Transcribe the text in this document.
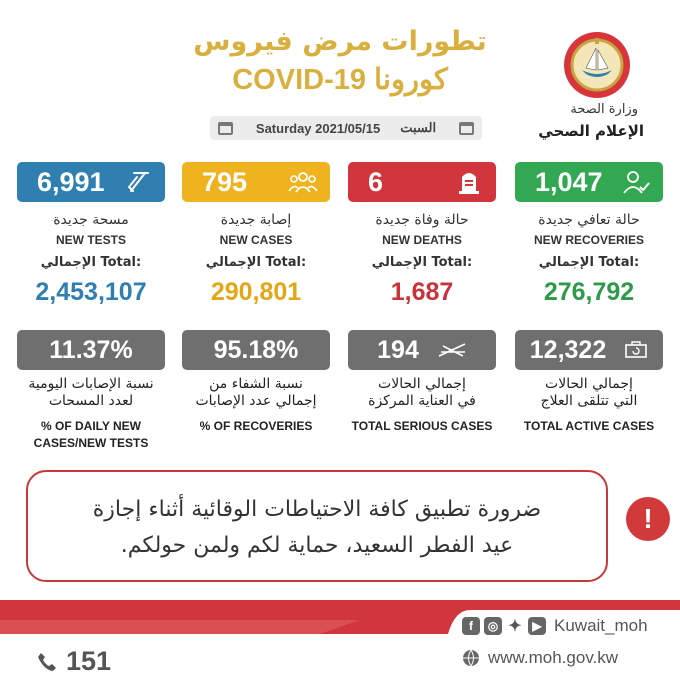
تطورات مرض فيروس
كورونا COVID-19
Saturday 2021/05/15 السبت
وزارة الصحة
الإعلام الصحي
6,991
مسحة جديدة
NEW TESTS
الإجمالي Total:
2,453,107
795
إصابة جديدة
NEW CASES
الإجمالي Total:
290,801
6
حالة وفاة جديدة
NEW DEATHS
الإجمالي Total:
1,687
1,047
حالة تعافي جديدة
NEW RECOVERIES
الإجمالي Total:
276,792
11.37%
نسبة الإصابات اليومية
لعدد المسحات
% OF DAILY NEW
CASES/NEW TESTS
95.18%
نسبة الشفاء من
إجمالي عدد الإصابات
% OF RECOVERIES
194
إجمالي الحالات
في العناية المركزة
TOTAL SERIOUS CASES
12,322
إجمالي الحالات
التي تتلقى العلاج
TOTAL ACTIVE CASES
ضرورة تطبيق كافة الاحتياطات الوقائية أثناء إجازة
عيد الفطر السعيد، حماية لكم ولمن حولكم.
!
151
f	◎ ✦ ▶ Kuwait_moh
www.moh.gov.kw
